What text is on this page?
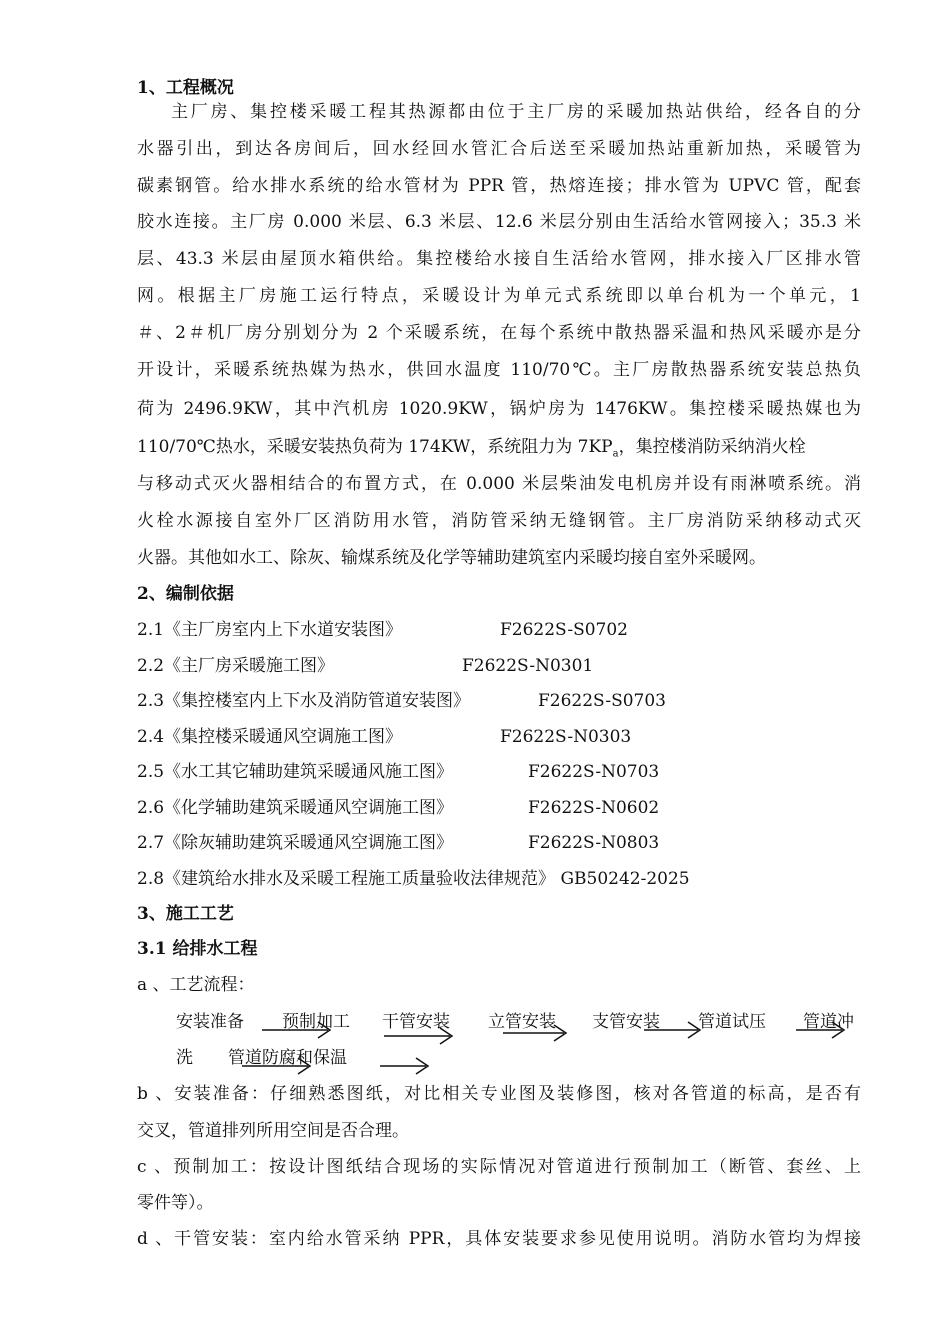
1、工程概况
主厂房、集控楼采暖工程其热源都由位于主厂房的采暖加热站供给，经各自的分
水器引出，到达各房间后，回水经回水管汇合后送至采暖加热站重新加热，采暖管为
碳素钢管。给水排水系统的给水管材为 PPR 管，热熔连接；排水管为 UPVC 管，配套
胶水连接。主厂房 0.000 米层、6.3 米层、12.6 米层分别由生活给水管网接入；35.3 米
层、43.3 米层由屋顶水箱供给。集控楼给水接自生活给水管网，排水接入厂区排水管
网。根据主厂房施工运行特点，采暖设计为单元式系统即以单台机为一个单元，1
＃、2＃机厂房分别划分为 2 个采暖系统，在每个系统中散热器采温和热风采暖亦是分
开设计，采暖系统热媒为热水，供回水温度 110/70℃。主厂房散热器系统安装总热负
荷为 2496.9KW，其中汽机房 1020.9KW，锅炉房为 1476KW。集控楼采暖热媒也为
110/70℃热水，采暖安装热负荷为 174KW，系统阻力为 $7KP_a$，集控楼消防采纳消火栓
与移动式灭火器相结合的布置方式，在 0.000 米层柴油发电机房并设有雨淋喷系统。消
火栓水源接自室外厂区消防用水管，消防管采纳无缝钢管。主厂房消防采纳移动式灭
火器。其他如水工、除灰、输煤系统及化学等辅助建筑室内采暖均接自室外采暖网。
2、编制依据
2.1《主厂房室内上下水道安装图》	F2622S-S0702
2.2《主厂房采暖施工图》	F2622S-N0301
2.3《集控楼室内上下水及消防管道安装图》	F2622S-S0703
2.4《集控楼采暖通风空调施工图》	F2622S-N0303
2.5《水工其它辅助建筑采暖通风施工图》	F2622S-N0703
2.6《化学辅助建筑采暖通风空调施工图》	F2622S-N0602
2.7《除灰辅助建筑采暖通风空调施工图》	F2622S-N0803
2.8《建筑给水排水及采暖工程施工质量验收法律规范》 GB50242-2025
3、施工工艺
3.1 给排水工程
a 、工艺流程：
安装准备 预制加工 干管安装 立管安装 支管安装 管道试压 管道冲
洗 管道防腐和保温
b 、安装准备：仔细熟悉图纸，对比相关专业图及装修图，核对各管道的标高，是否有
交叉，管道排列所用空间是否合理。
c 、预制加工：按设计图纸结合现场的实际情况对管道进行预制加工（断管、套丝、上
零件等）。
d 、干管安装：室内给水管采纳 PPR，具体安装要求参见使用说明。消防水管均为焊接
